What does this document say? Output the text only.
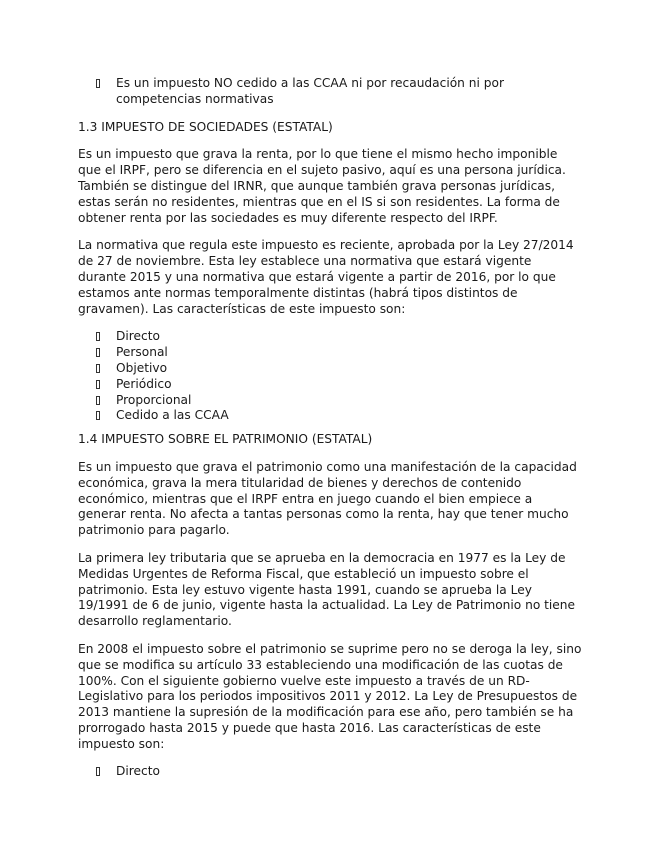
Es un impuesto NO cedido a las CCAA ni por recaudación ni por competencias normativas

1.3 IMPUESTO DE SOCIEDADES (ESTATAL)

Es un impuesto que grava la renta, por lo que tiene el mismo hecho imponible que el IRPF, pero se diferencia en el sujeto pasivo, aquí es una persona jurídica. También se distingue del IRNR, que aunque también grava personas jurídicas, estas serán no residentes, mientras que en el IS si son residentes. La forma de obtener renta por las sociedades es muy diferente respecto del IRPF.

La normativa que regula este impuesto es reciente, aprobada por la Ley 27/2014 de 27 de noviembre. Esta ley establece una normativa que estará vigente durante 2015 y una normativa que estará vigente a partir de 2016, por lo que estamos ante normas temporalmente distintas (habrá tipos distintos de gravamen). Las características de este impuesto son:

Directo
Personal
Objetivo
Periódico
Proporcional
Cedido a las CCAA

1.4 IMPUESTO SOBRE EL PATRIMONIO (ESTATAL)

Es un impuesto que grava el patrimonio como una manifestación de la capacidad económica, grava la mera titularidad de bienes y derechos de contenido económico, mientras que el IRPF entra en juego cuando el bien empiece a generar renta. No afecta a tantas personas como la renta, hay que tener mucho patrimonio para pagarlo.

La primera ley tributaria que se aprueba en la democracia en 1977 es la Ley de Medidas Urgentes de Reforma Fiscal, que estableció un impuesto sobre el patrimonio. Esta ley estuvo vigente hasta 1991, cuando se aprueba la Ley 19/1991 de 6 de junio, vigente hasta la actualidad. La Ley de Patrimonio no tiene desarrollo reglamentario.

En 2008 el impuesto sobre el patrimonio se suprime pero no se deroga la ley, sino que se modifica su artículo 33 estableciendo una modificación de las cuotas de 100%. Con el siguiente gobierno vuelve este impuesto a través de un RD-Legislativo para los periodos impositivos 2011 y 2012. La Ley de Presupuestos de 2013 mantiene la supresión de la modificación para ese año, pero también se ha prorrogado hasta 2015 y puede que hasta 2016. Las características de este impuesto son:

Directo
